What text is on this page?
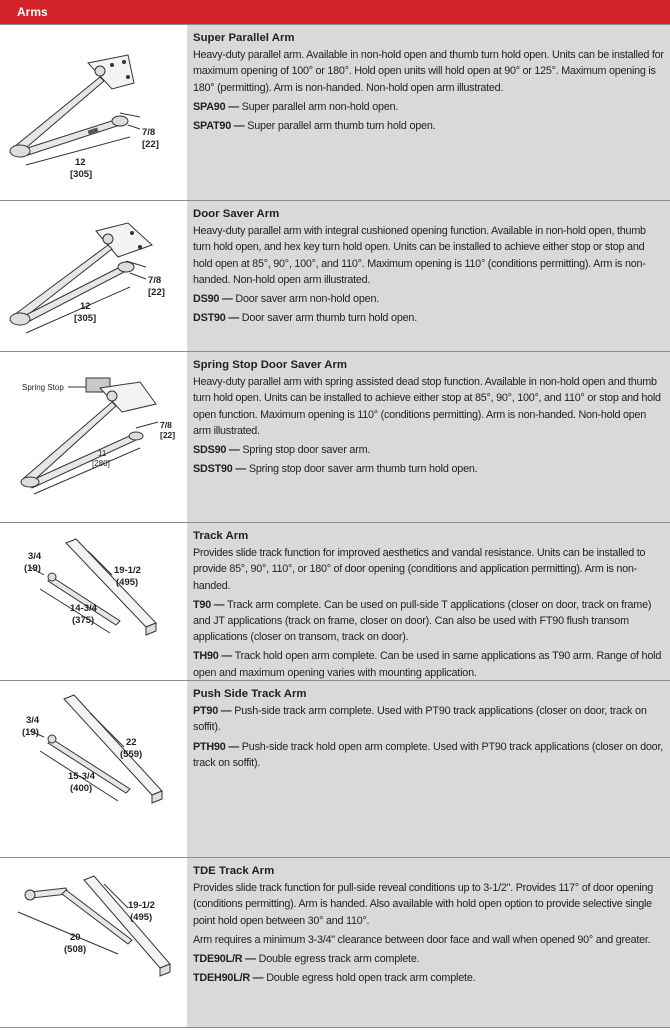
Arms
7/8
[22]
12
[305]
Super Parallel Arm
Heavy-duty parallel arm. Available in non-hold open and thumb turn hold open. Units can be installed for maximum opening of 100° or 180°. Hold open units will hold open at 90° or 125°. Maximum opening is 180° (permitting). Arm is non-handed. Non-hold open arm illustrated.
SPA90 — Super parallel arm non-hold open.
SPAT90 — Super parallel arm thumb turn hold open.
7/8
[22]
12
[305]
Door Saver Arm
Heavy-duty parallel arm with integral cushioned opening function. Available in non-hold open, thumb turn hold open, and hex key turn hold open. Units can be installed to achieve either stop or stop and hold open at 85°, 90°, 100°, and 110°. Maximum opening is 110° (conditions permitting). Arm is non-handed. Non-hold open arm illustrated.
DS90 — Door saver arm non-hold open.
DST90 — Door saver arm thumb turn hold open.
Spring Stop
7/8
[22]
11
[280]
Spring Stop Door Saver Arm
Heavy-duty parallel arm with spring assisted dead stop function. Available in non-hold open and thumb turn hold open. Units can be installed to achieve either stop at 85°, 90°, 100°, and 110° or stop and hold open function. Maximum opening is 110° (conditions permitting). Arm is non-handed. Non-hold open arm illustrated.
SDS90 — Spring stop door saver arm.
SDST90 — Spring stop door saver arm thumb turn hold open.
3/4
(19)	19-1/2
(495)
14-3/4
(375)
Track Arm
Provides slide track function for improved aesthetics and vandal resistance. Units can be installed to provide 85°, 90°, 110°, or 180° of door opening (conditions and application permitting). Arm is non-handed.
T90 — Track arm complete. Can be used on pull-side T applications (closer on door, track on frame) and JT applications (track on frame, closer on door). Can also be used with FT90 flush transom applications (closer on transom, track on door).
TH90 — Track hold open arm complete. Can be used in same applications as T90 arm. Range of hold open and maximum opening varies with mounting application.
3/4
(19)
22
(559)
15-3/4
(400)
Push Side Track Arm
PT90 — Push-side track arm complete. Used with PT90 track applications (closer on door, track on soffit).
PTH90 — Push-side track hold open arm complete. Used with PT90 track applications (closer on door, track on soffit).
19-1/2
(495)
20
(508)
TDE Track Arm
Provides slide track function for pull-side reveal conditions up to 3-1/2". Provides 117° of door opening (conditions permitting). Arm is handed. Also available with hold open option to provide selective single point hold open between 30° and 110°.
Arm requires a minimum 3-3/4" clearance between door face and wall when opened 90° and greater.
TDE90L/R — Double egress track arm complete.
TDEH90L/R — Double egress hold open track arm complete.
